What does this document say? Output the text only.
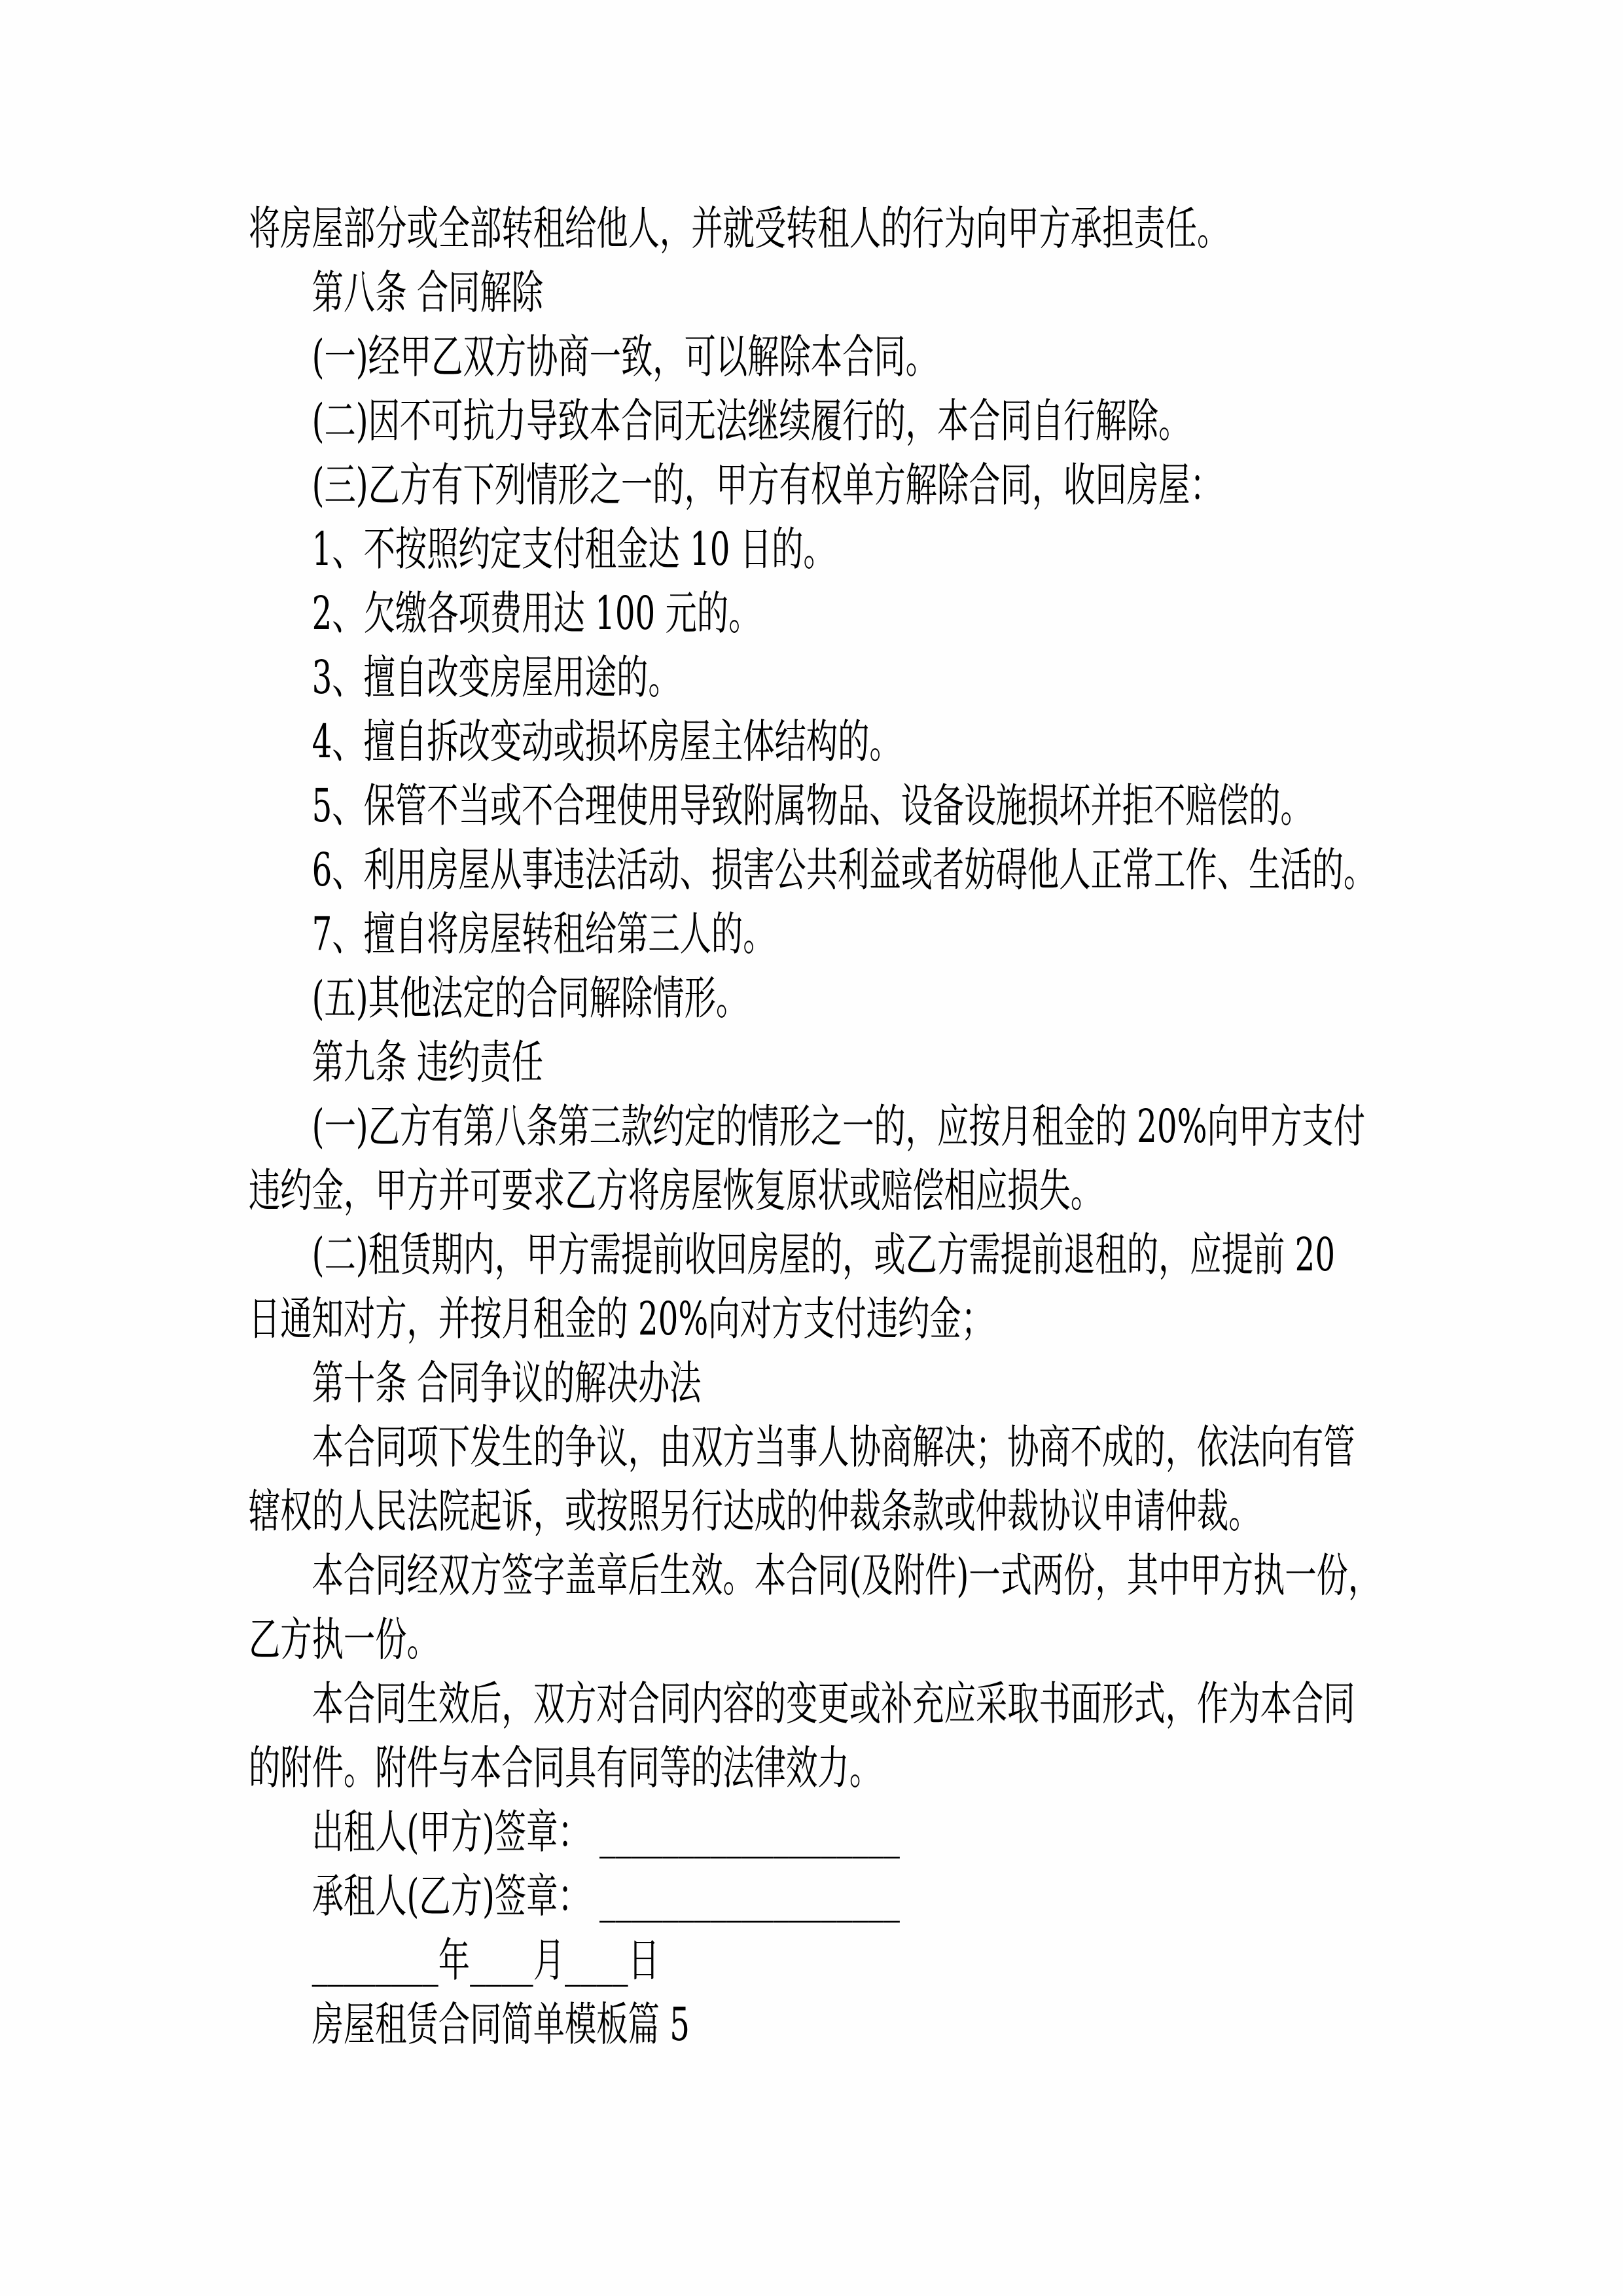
将房屋部分或全部转租给他人，并就受转租人的行为向甲方承担责任。
第八条 合同解除
(一)经甲乙双方协商一致，可以解除本合同。
(二)因不可抗力导致本合同无法继续履行的，本合同自行解除。
(三)乙方有下列情形之一的，甲方有权单方解除合同，收回房屋：
1、不按照约定支付租金达 10 日的。
2、欠缴各项费用达 100 元的。
3、擅自改变房屋用途的。
4、擅自拆改变动或损坏房屋主体结构的。
5、保管不当或不合理使用导致附属物品、设备设施损坏并拒不赔偿的。
6、利用房屋从事违法活动、损害公共利益或者妨碍他人正常工作、生活的。
7、擅自将房屋转租给第三人的。
(五)其他法定的合同解除情形。
第九条 违约责任
(一)乙方有第八条第三款约定的情形之一的，应按月租金的 20%向甲方支付
违约金，甲方并可要求乙方将房屋恢复原状或赔偿相应损失。
(二)租赁期内，甲方需提前收回房屋的，或乙方需提前退租的，应提前 20
日通知对方，并按月租金的 20%向对方支付违约金；
第十条 合同争议的解决办法
本合同项下发生的争议，由双方当事人协商解决；协商不成的，依法向有管
辖权的人民法院起诉，或按照另行达成的仲裁条款或仲裁协议申请仲裁。
本合同经双方签字盖章后生效。本合同(及附件)一式两份，其中甲方执一份，
乙方执一份。
本合同生效后，双方对合同内容的变更或补充应采取书面形式，作为本合同
的附件。附件与本合同具有同等的法律效力。
出租人(甲方)签章： ___________________
承租人(乙方)签章： ___________________
________年____月____日
房屋租赁合同简单模板篇 5
